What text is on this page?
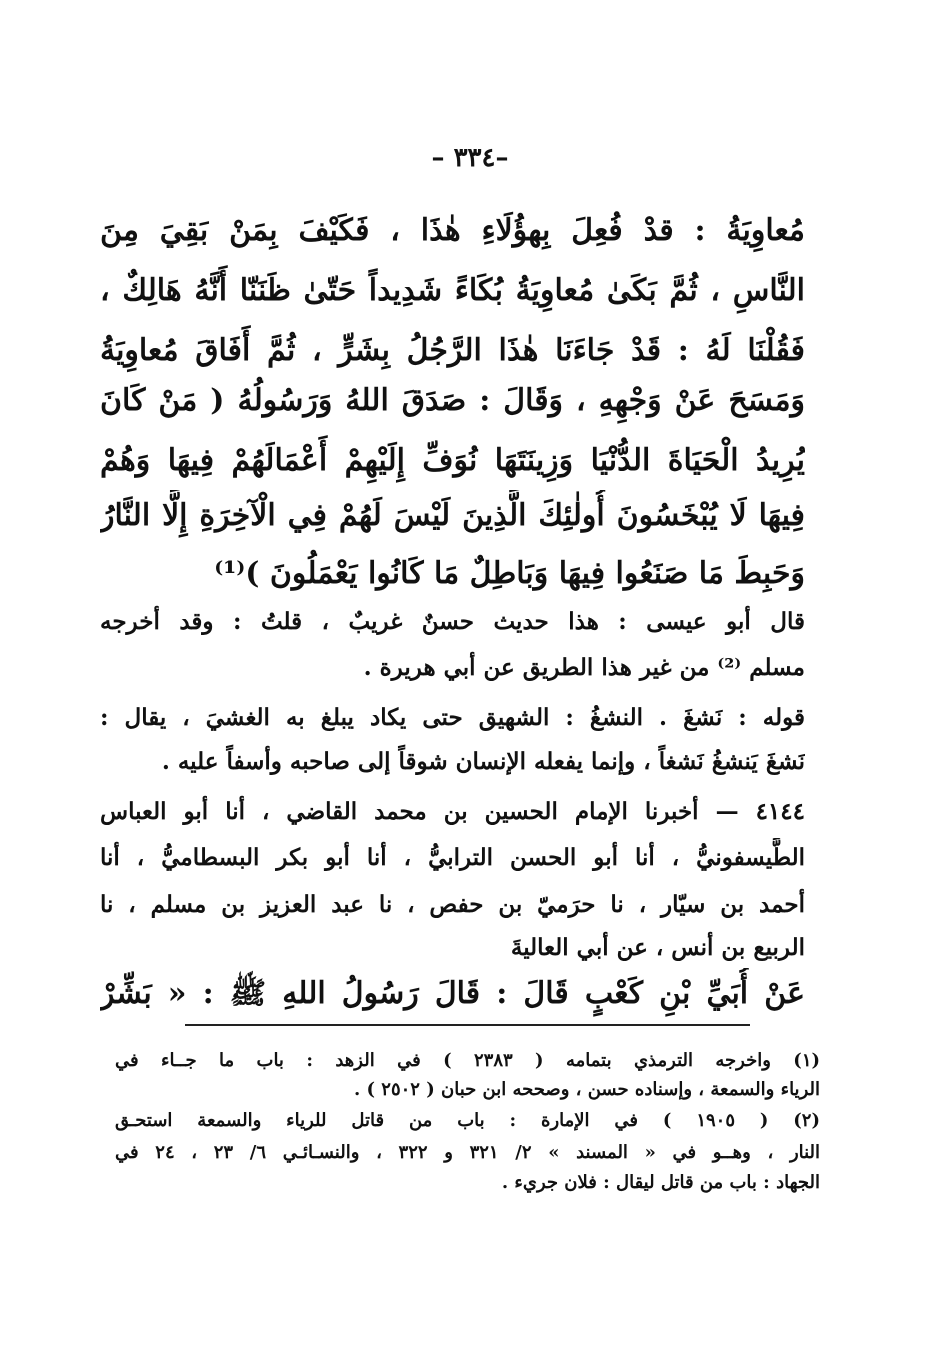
– ٣٣٤–
مُعاوِيَةُ : قدْ فُعِلَ بِهؤُلَاءِ هٰذَا ، فَكَيْفَ بِمَنْ بَقِيَ مِنَ
النَّاسِ ، ثُمَّ بَكَىٰ مُعاوِيَةُ بُكَاءً شَدِيداً حَتّىٰ ظَنَنّا أَنَّهُ هَالِكٌ ،
فَقُلْنَا لَهُ : قَدْ جَاءَنَا هٰذَا الرَّجُلُ بِشَرٍّ ، ثُمَّ أَفَاقَ مُعاوِيَةُ
وَمَسَحَ عَنْ وَجْهِهِ ، وَقَالَ : صَدَقَ اللهُ وَرَسُولُهُ ( مَنْ كَانَ
يُرِيدُ الْحَيَاةَ الدُّنْيَا وَزِينَتَهَا نُوَفِّ إِلَيْهِمْ أَعْمَالَهُمْ فِيهَا وَهُمْ
فِيهَا لَا يُبْخَسُونَ أُولٰئِكَ الَّذِينَ لَيْسَ لَهُمْ فِي الْآخِرَةِ إِلَّا النَّارُ
وَحَبِطَ مَا صَنَعُوا فِيهَا وَبَاطِلٌ مَا كَانُوا يَعْمَلُونَ )⁽¹⁾
قال أبو عيسى : هذا حديث حسنٌ غريبٌ ، قلتُ : وقد أخرجه
مسلم ⁽²⁾ من غير هذا الطريق عن أبي هريرة .
قوله : نَشغَ . النشغُ : الشهيق حتى يكاد يبلغ به الغشيَ ، يقال :
نَشغَ يَنشغُ نَشغاً ، وإنما يفعله الإنسان شوقاً إلى صاحبه وأسفاً عليه .
٤١٤٤ — أخبرنا الإمام الحسين بن محمد القاضي ، أنا أبو العباس
الطَّيسفونيُّ ، أنا أبو الحسن الترابيُّ ، أنا أبو بكر البسطاميُّ ، أنا
أحمد بن سيّار ، نا حرَميّ بن حفص ، نا عبد العزيز بن مسلم ، نا
الربيع بن أنس ، عن أبي العاليةَ
عَنْ أُبَيِّ بْنِ كَعْبٍ قَالَ : قَالَ رَسُولُ اللهِ ﷺ : « بَشِّرْ
(١) واخرجه الترمذي بتمامه ( ٢٣٨٣ ) في الزهد : باب ما جــاء في
الرياء والسمعة ، وإسناده حسن ، وصححه ابن حبان ( ٢٥٠٢ ) .
(٢) ( ١٩٠٥ ) في الإمارة : باب من قاتل للرياء والسمعة استحـق
النار ، وهــو في « المسند » ٢/ ٣٢١ و ٣٢٢ ، والنسـائـي ٦/ ٢٣ ، ٢٤ في
الجهاد : باب من قاتل ليقال : فلان جريء .
